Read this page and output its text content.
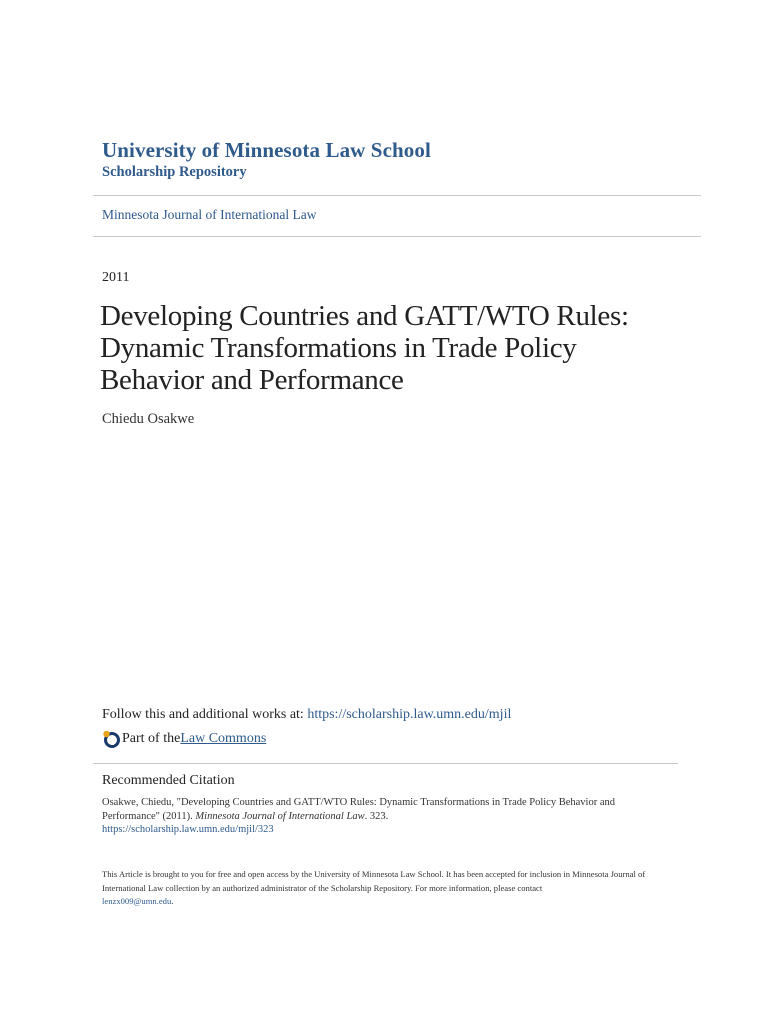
University of Minnesota Law School
Scholarship Repository
Minnesota Journal of International Law
2011
Developing Countries and GATT/WTO Rules:
Dynamic Transformations in Trade Policy
Behavior and Performance
Chiedu Osakwe
Follow this and additional works at: https://scholarship.law.umn.edu/mjil
Part of the Law Commons
Recommended Citation
Osakwe, Chiedu, "Developing Countries and GATT/WTO Rules: Dynamic Transformations in Trade Policy Behavior and Performance" (2011). Minnesota Journal of International Law. 323.
https://scholarship.law.umn.edu/mjil/323
This Article is brought to you for free and open access by the University of Minnesota Law School. It has been accepted for inclusion in Minnesota Journal of International Law collection by an authorized administrator of the Scholarship Repository. For more information, please contact
lenzx009@umn.edu.
